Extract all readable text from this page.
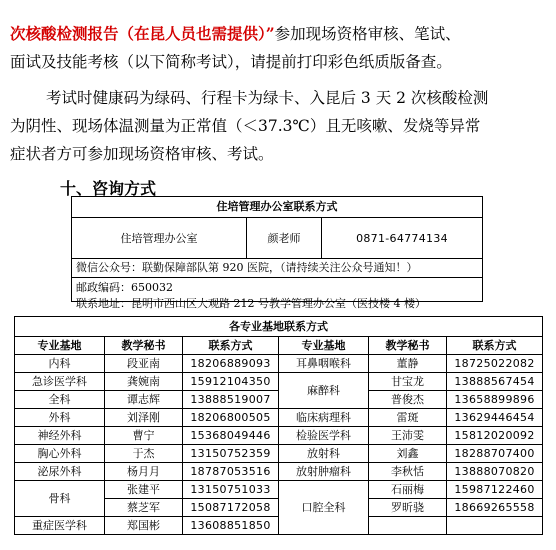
次核酸检测报告（在昆人员也需提供）”参加现场资格审核、笔试、
面试及技能考核（以下简称考试），请提前打印彩色纸质版备查。
考试时健康码为绿码、行程卡为绿卡、入昆后 3 天 2 次核酸检测
为阴性、现场体温测量为正常值（＜37.3℃）且无咳嗽、发烧等异常
症状者方可参加现场资格审核、考试。
十、咨询方式
住培管理办公室联系方式
住培管理办公室	颜老师	0871-64774134
微信公众号：联勤保障部队第 920 医院，（请持续关注公众号通知！）
邮政编码：650032
联系地址：昆明市西山区大观路 212 号教学管理办公室（医技楼 4 楼）
各专业基地联系方式					
专业基地	教学秘书	联系方式	专业基地	教学秘书	联系方式
内科	段亚南	18206889093	耳鼻咽喉科	董静	18725022082
急诊医学科	龚婉南	15912104350	麻醉科	甘宝龙	13888567454
全科	谭志辉	13888519007		普俊杰	13658899896
外科	刘泽刚	18206800505	临床病理科	雷斑	13629446454
神经外科	曹宁	15368049446	检验医学科	王沛雯	15812020092
胸心外科	于杰	13150752359	放射科	刘鑫	18288707400
泌尿外科	杨月月	18787053516	放射肿瘤科	李秋恬	13888070820
骨科	张建平	13150751033	口腔全科	石丽梅	15987122460
	蔡芝军	15087172058		罗昕骁	18669265558
重症医学科	郑国彬	13608851850			
